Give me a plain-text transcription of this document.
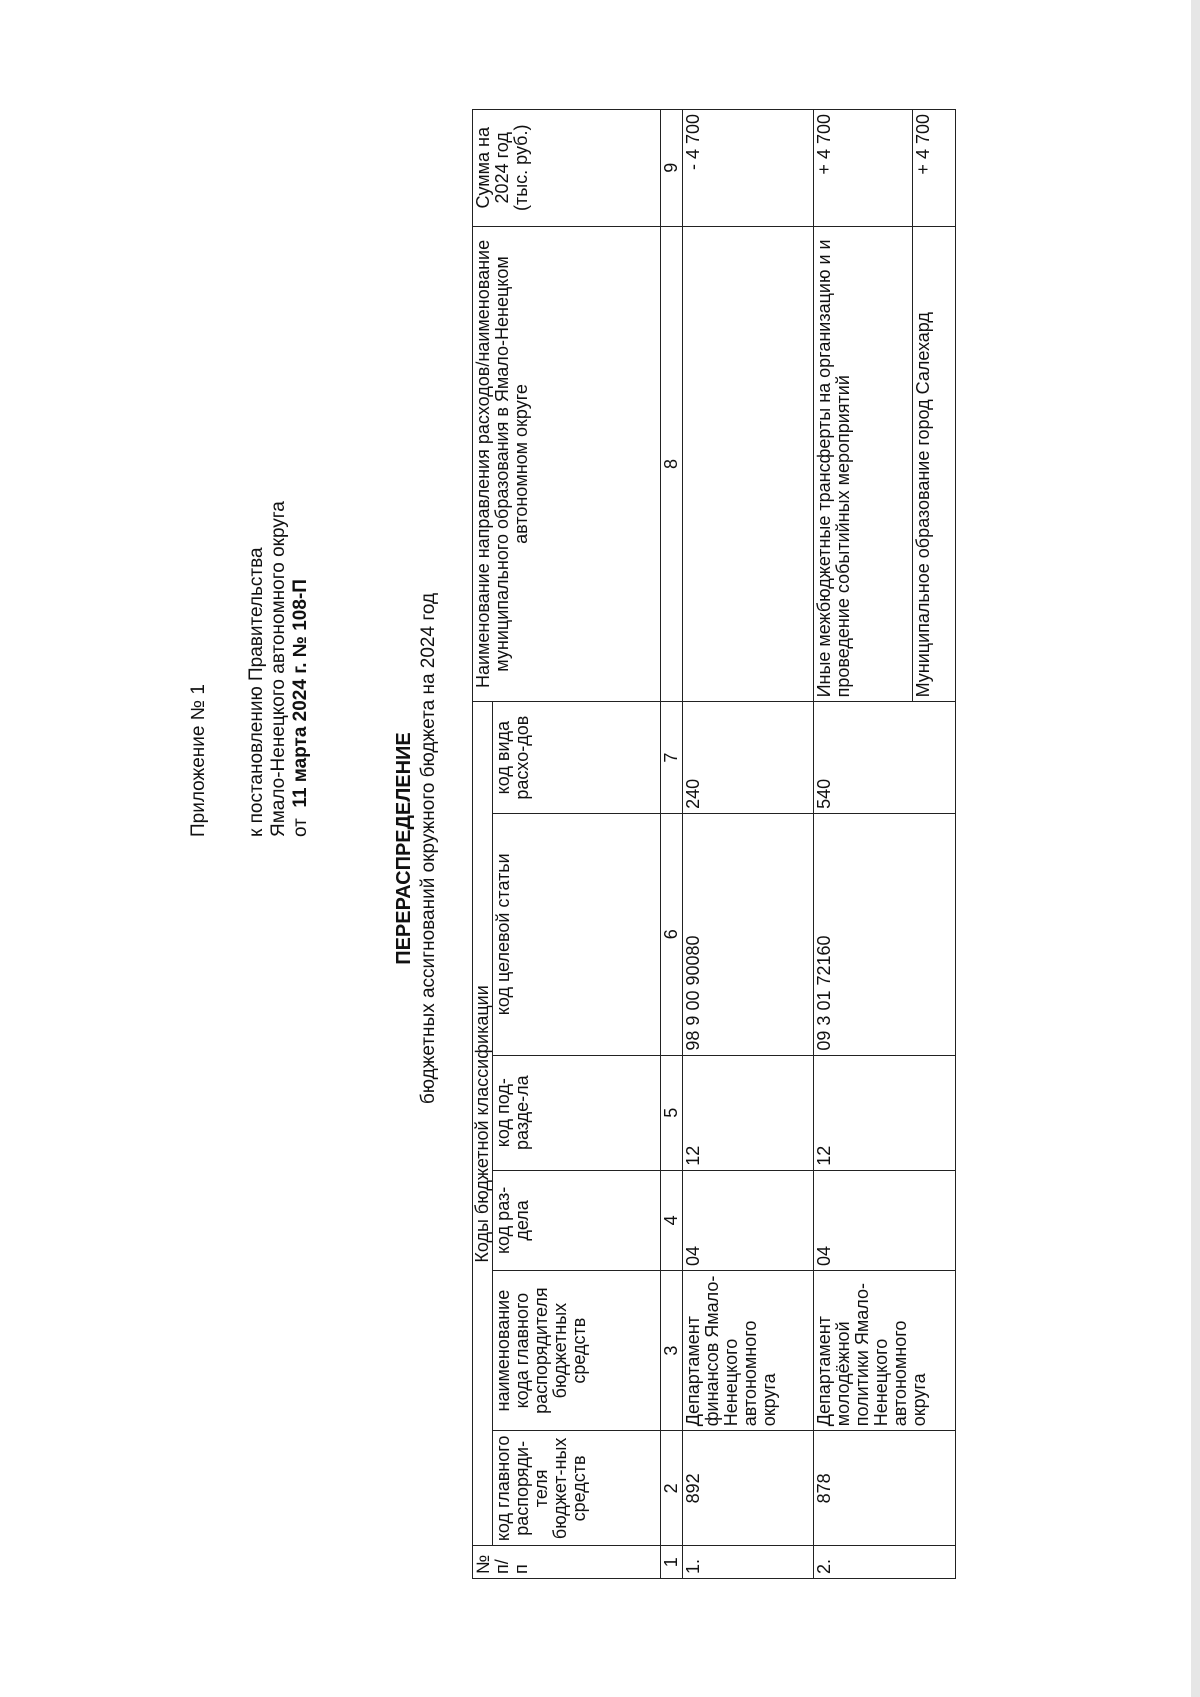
Приложение № 1 к постановлению Правительства Ямало-Ненецкого автономного округа от  11 марта 2024 г. № 108-П
ПЕРЕРАСПРЕДЕЛЕНИЕ бюджетных ассигнований окружного бюджета на 2024 год
№ п/п	Коды бюджетной классификации						Наименование направления расходов/наименование муниципального образования в Ямало-Ненецком автономном округе	Сумма на 2024 год (тыс. руб.)
	код главного распоряди-теля бюджет-ных средств	наименование кода главного распорядителя бюджетных средств	код раз-дела	код под-разде-ла	код целевой статьи	код вида расхо-дов		
1	2	3	4	5	6	7	8	9
1.	892	Департамент финансов Ямало-Ненецкого автономного округа	04	12	98 9 00 90080	240		- 4 700
2.	878	Департамент молодёжной политики Ямало-Ненецкого автономного округа	04	12	09 3 01 72160	540	Иные межбюджетные трансферты на организацию и и проведение событийных мероприятий	+ 4 700
							Муниципальное образование город Салехард	+ 4 700
